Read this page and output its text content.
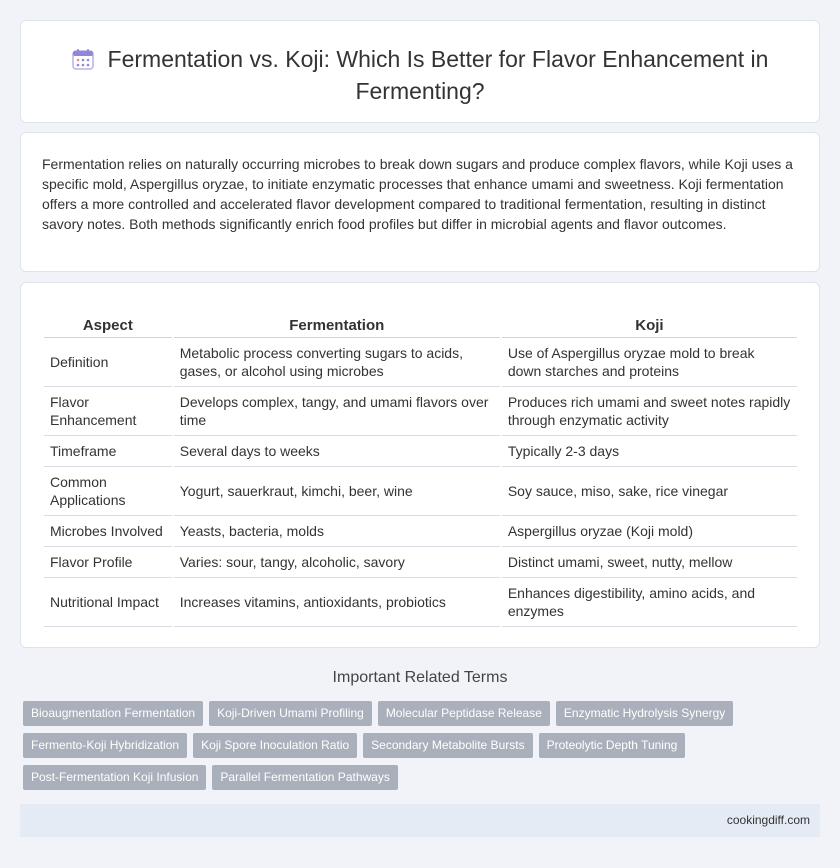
Fermentation vs. Koji: Which Is Better for Flavor Enhancement in Fermenting?

Fermentation relies on naturally occurring microbes to break down sugars and produce complex flavors, while Koji uses a specific mold, Aspergillus oryzae, to initiate enzymatic processes that enhance umami and sweetness. Koji fermentation offers a more controlled and accelerated flavor development compared to traditional fermentation, resulting in distinct savory notes. Both methods significantly enrich food profiles but differ in microbial agents and flavor outcomes.

Aspect	Fermentation	Koji
Definition	Metabolic process converting sugars to acids, gases, or alcohol using microbes	Use of Aspergillus oryzae mold to break down starches and proteins
Flavor Enhancement	Develops complex, tangy, and umami flavors over time	Produces rich umami and sweet notes rapidly through enzymatic activity
Timeframe	Several days to weeks	Typically 2-3 days
Common Applications	Yogurt, sauerkraut, kimchi, beer, wine	Soy sauce, miso, sake, rice vinegar
Microbes Involved	Yeasts, bacteria, molds	Aspergillus oryzae (Koji mold)
Flavor Profile	Varies: sour, tangy, alcoholic, savory	Distinct umami, sweet, nutty, mellow
Nutritional Impact	Increases vitamins, antioxidants, probiotics	Enhances digestibility, amino acids, and enzymes
Important Related Terms
Bioaugmentation Fermentation	Koji-Driven Umami Profiling	Molecular Peptidase Release	Enzymatic Hydrolysis Synergy
Fermento-Koji Hybridization	Koji Spore Inoculation Ratio	Secondary Metabolite Bursts	Proteolytic Depth Tuning
Post-Fermentation Koji Infusion	Parallel Fermentation Pathways
cookingdiff.com
